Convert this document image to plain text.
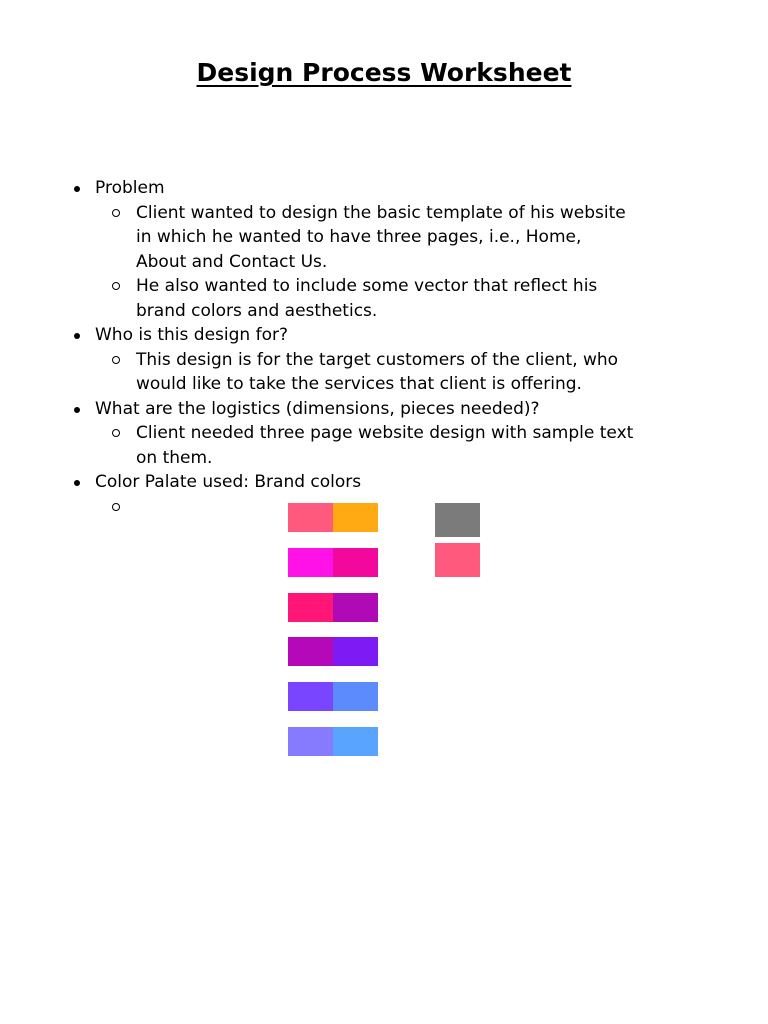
Design Process Worksheet
Problem
Client wanted to design the basic template of his website
in which he wanted to have three pages, i.e., Home,
About and Contact Us.
He also wanted to include some vector that reflect his
brand colors and aesthetics.
Who is this design for?
This design is for the target customers of the client, who
would like to take the services that client is offering.
What are the logistics (dimensions, pieces needed)?
Client needed three page website design with sample text
on them.
Color Palate used: Brand colors
